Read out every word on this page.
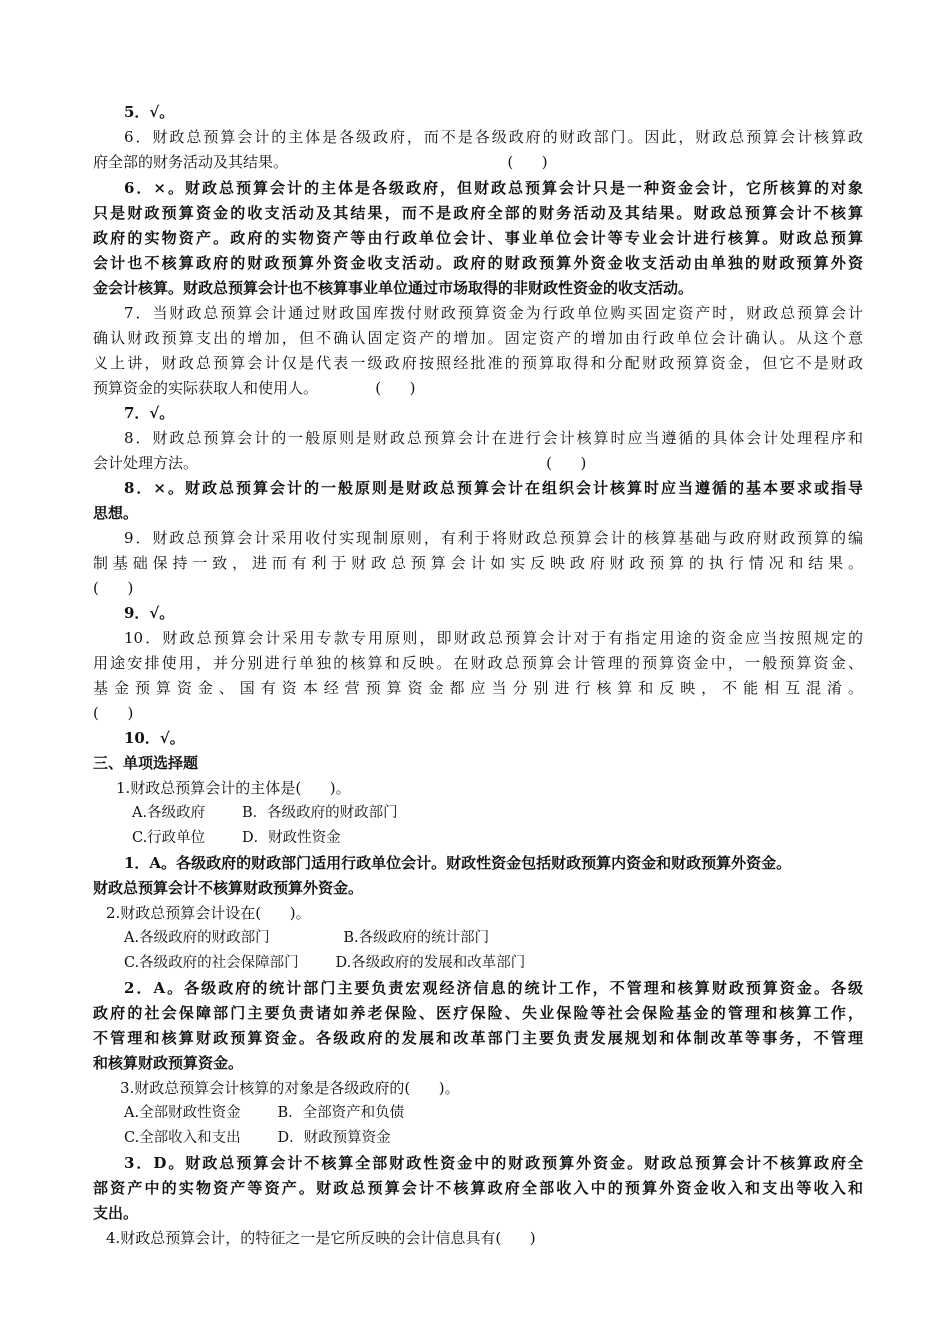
5．√。
6．财政总预算会计的主体是各级政府，而不是各级政府的财政部门。因此，财政总预算会计核算政
府全部的财务活动及其结果。                                              (      )
6．×。财政总预算会计的主体是各级政府，但财政总预算会计只是一种资金会计，它所核算的对象
只是财政预算资金的收支活动及其结果，而不是政府全部的财务活动及其结果。财政总预算会计不核算
政府的实物资产。政府的实物资产等由行政单位会计、事业单位会计等专业会计进行核算。财政总预算
会计也不核算政府的财政预算外资金收支活动。政府的财政预算外资金收支活动由单独的财政预算外资
金会计核算。财政总预算会计也不核算事业单位通过市场取得的非财政性资金的收支活动。
7．当财政总预算会计通过财政国库拨付财政预算资金为行政单位购买固定资产时，财政总预算会计
确认财政预算支出的增加，但不确认固定资产的增加。固定资产的增加由行政单位会计确认。从这个意
义上讲，财政总预算会计仅是代表一级政府按照经批准的预算取得和分配财政预算资金，但它不是财政
预算资金的实际获取人和使用人。            (      )
7．√。
8．财政总预算会计的一般原则是财政总预算会计在进行会计核算时应当遵循的具体会计处理程序和
会计处理方法。                                                                         (      )
8．×。财政总预算会计的一般原则是财政总预算会计在组织会计核算时应当遵循的基本要求或指导
思想。
9．财政总预算会计采用收付实现制原则，有利于将财政总预算会计的核算基础与政府财政预算的编
制基础保持一致，进而有利于财政总预算会计如实反映政府财政预算的执行情况和结果。
(      )
9．√。
10．财政总预算会计采用专款专用原则，即财政总预算会计对于有指定用途的资金应当按照规定的
用途安排使用，并分别进行单独的核算和反映。在财政总预算会计管理的预算资金中，一般预算资金、
基金预算资金、国有资本经营预算资金都应当分别进行核算和反映，不能相互混淆。
(      )
10．√。
三、单项选择题
1.财政总预算会计的主体是(      )。
A.各级政府        B．各级政府的财政部门
C.行政单位        D．财政性资金
1．A。各级政府的财政部门适用行政单位会计。财政性资金包括财政预算内资金和财政预算外资金。
财政总预算会计不核算财政预算外资金。
2.财政总预算会计设在(      )。
A.各级政府的财政部门                B.各级政府的统计部门
C.各级政府的社会保障部门        D.各级政府的发展和改革部门
2．A。各级政府的统计部门主要负责宏观经济信息的统计工作，不管理和核算财政预算资金。各级
政府的社会保障部门主要负责诸如养老保险、医疗保险、失业保险等社会保险基金的管理和核算工作，
不管理和核算财政预算资金。各级政府的发展和改革部门主要负责发展规划和体制改革等事务，不管理
和核算财政预算资金。
3.财政总预算会计核算的对象是各级政府的(      )。
A.全部财政性资金        B．全部资产和负债
C.全部收入和支出        D．财政预算资金
3．D。财政总预算会计不核算全部财政性资金中的财政预算外资金。财政总预算会计不核算政府全
部资产中的实物资产等资产。财政总预算会计不核算政府全部收入中的预算外资金收入和支出等收入和
支出。
4.财政总预算会计，的特征之一是它所反映的会计信息具有(      )
